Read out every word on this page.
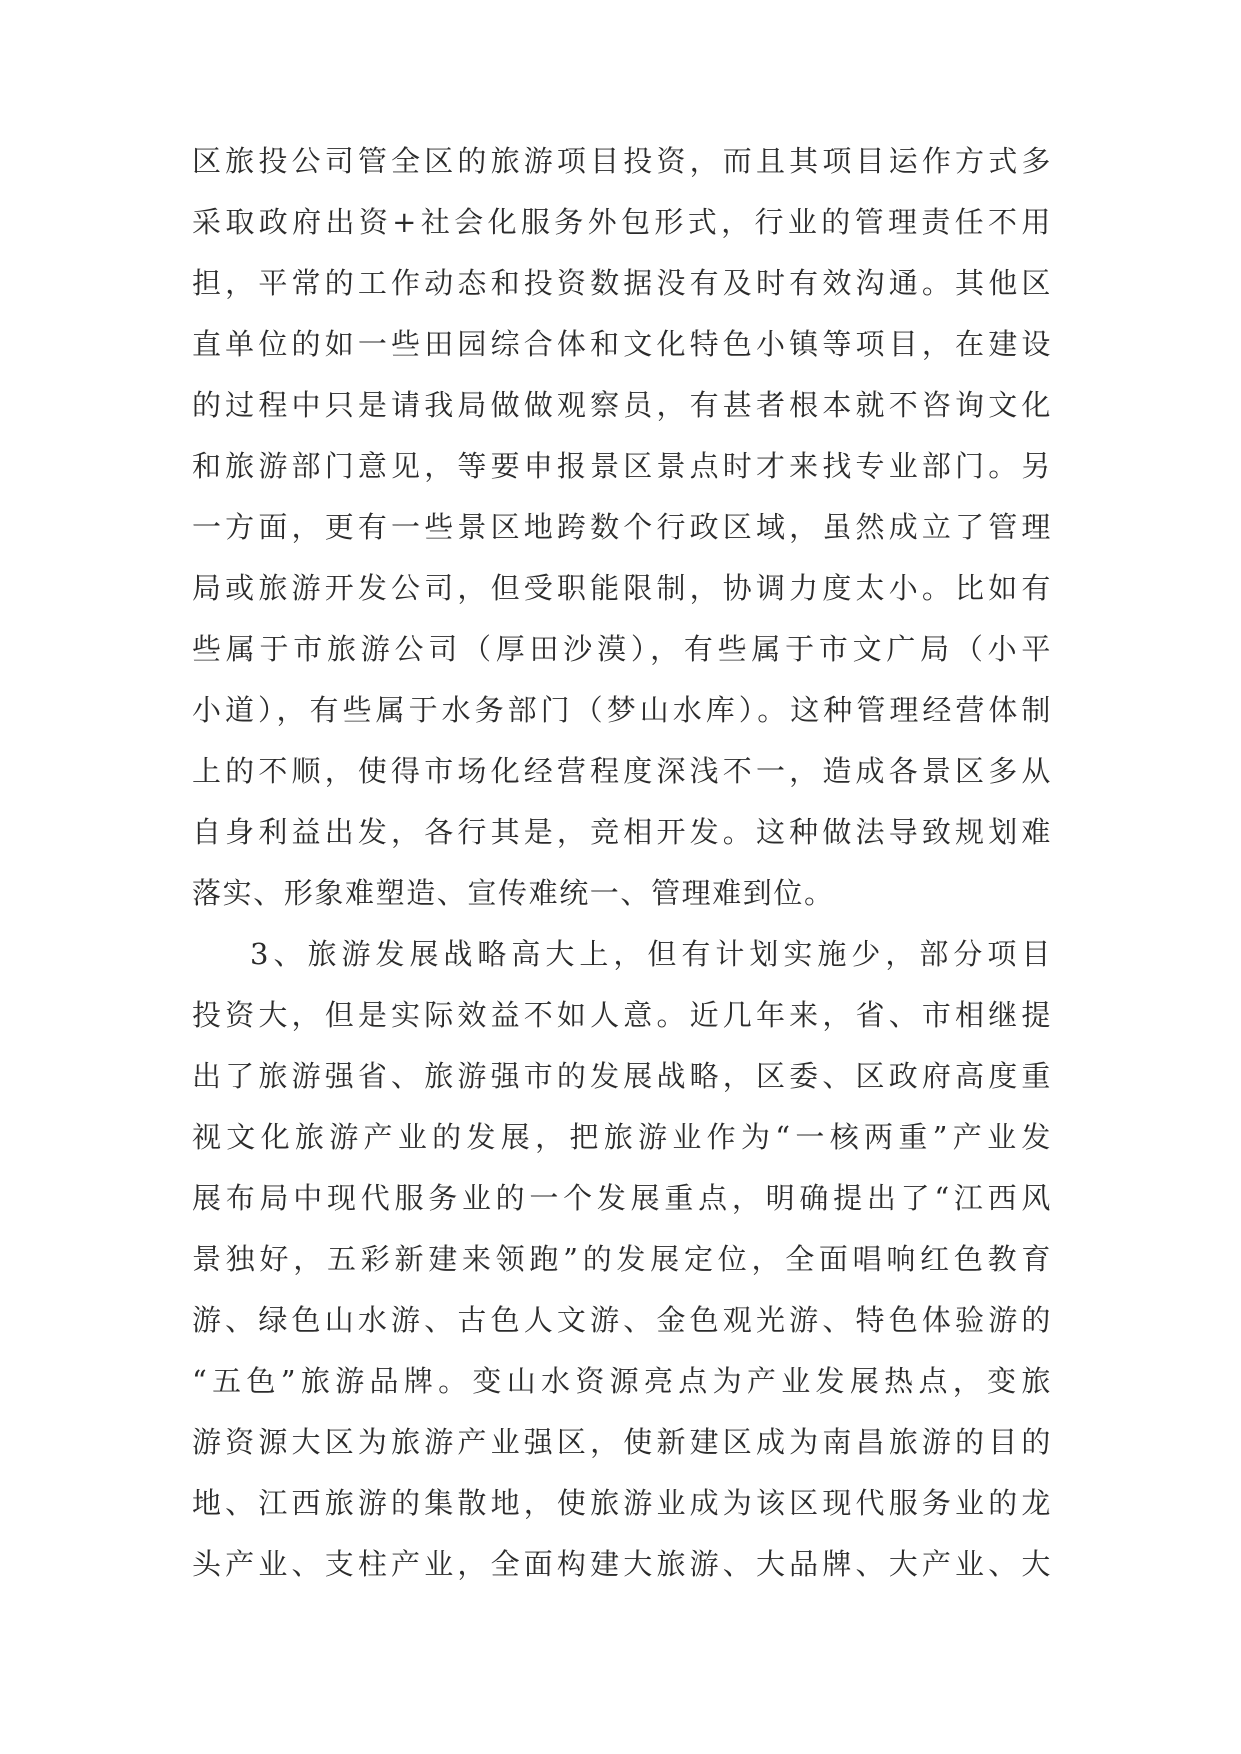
区旅投公司管全区的旅游项目投资，而且其项目运作方式多
采取政府出资+社会化服务外包形式，行业的管理责任不用
担，平常的工作动态和投资数据没有及时有效沟通。其他区
直单位的如一些田园综合体和文化特色小镇等项目，在建设
的过程中只是请我局做做观察员，有甚者根本就不咨询文化
和旅游部门意见，等要申报景区景点时才来找专业部门。另
一方面，更有一些景区地跨数个行政区域，虽然成立了管理
局或旅游开发公司，但受职能限制，协调力度太小。比如有
些属于市旅游公司（厚田沙漠），有些属于市文广局（小平
小道），有些属于水务部门（梦山水库）。这种管理经营体制
上的不顺，使得市场化经营程度深浅不一，造成各景区多从
自身利益出发，各行其是，竞相开发。这种做法导致规划难
落实、形象难塑造、宣传难统一、管理难到位。
3、旅游发展战略高大上，但有计划实施少，部分项目
投资大，但是实际效益不如人意。近几年来，省、市相继提
出了旅游强省、旅游强市的发展战略，区委、区政府高度重
视文化旅游产业的发展，把旅游业作为“一核两重”产业发
展布局中现代服务业的一个发展重点，明确提出了“江西风
景独好，五彩新建来领跑”的发展定位，全面唱响红色教育
游、绿色山水游、古色人文游、金色观光游、特色体验游的
“五色”旅游品牌。变山水资源亮点为产业发展热点，变旅
游资源大区为旅游产业强区，使新建区成为南昌旅游的目的
地、江西旅游的集散地，使旅游业成为该区现代服务业的龙
头产业、支柱产业，全面构建大旅游、大品牌、大产业、大
